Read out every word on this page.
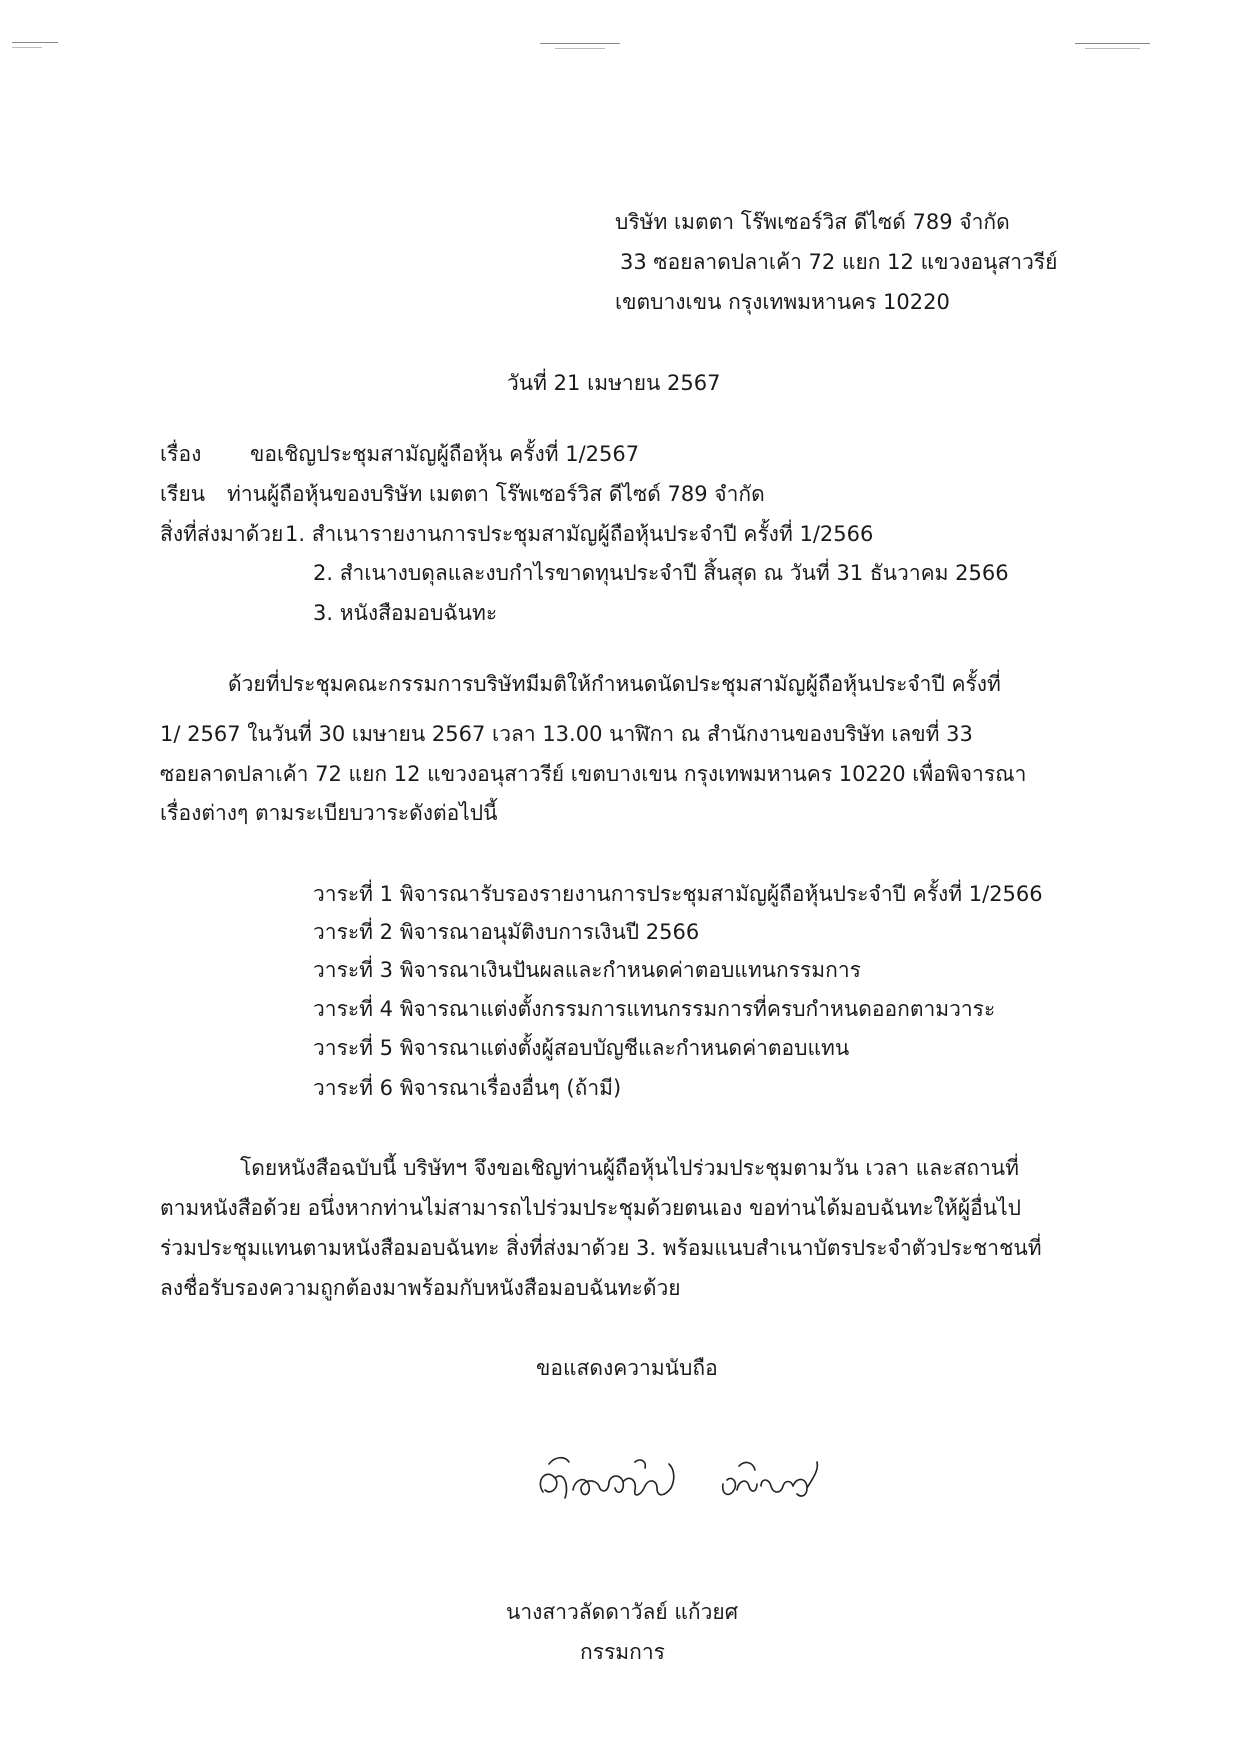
บริษัท เมตตา โร๊พเซอร์วิส ดีไซด์ 789 จำกัด
33 ซอยลาดปลาเค้า 72 แยก 12 แขวงอนุสาวรีย์
เขตบางเขน กรุงเทพมหานคร 10220
วันที่ 21 เมษายน 2567
เรื่อง ขอเชิญประชุมสามัญผู้ถือหุ้น ครั้งที่ 1/2567
เรียน ท่านผู้ถือหุ้นของบริษัท เมตตา โร๊พเซอร์วิส ดีไซด์ 789 จำกัด
สิ่งที่ส่งมาด้วย 1. สำเนารายงานการประชุมสามัญผู้ถือหุ้นประจำปี ครั้งที่ 1/2566
2. สำเนางบดุลและงบกำไรขาดทุนประจำปี สิ้นสุด ณ วันที่ 31 ธันวาคม 2566
3. หนังสือมอบฉันทะ
ด้วยที่ประชุมคณะกรรมการบริษัทมีมติให้กำหนดนัดประชุมสามัญผู้ถือหุ้นประจำปี ครั้งที่
1/ 2567 ในวันที่ 30 เมษายน 2567 เวลา 13.00 นาฬิกา ณ สำนักงานของบริษัท เลขที่ 33
ซอยลาดปลาเค้า 72 แยก 12 แขวงอนุสาวรีย์ เขตบางเขน กรุงเทพมหานคร 10220 เพื่อพิจารณา
เรื่องต่างๆ ตามระเบียบวาระดังต่อไปนี้
วาระที่ 1 พิจารณารับรองรายงานการประชุมสามัญผู้ถือหุ้นประจำปี ครั้งที่ 1/2566
วาระที่ 2 พิจารณาอนุมัติงบการเงินปี 2566
วาระที่ 3 พิจารณาเงินปันผลและกำหนดค่าตอบแทนกรรมการ
วาระที่ 4 พิจารณาแต่งตั้งกรรมการแทนกรรมการที่ครบกำหนดออกตามวาระ
วาระที่ 5 พิจารณาแต่งตั้งผู้สอบบัญชีและกำหนดค่าตอบแทน
วาระที่ 6 พิจารณาเรื่องอื่นๆ (ถ้ามี)
โดยหนังสือฉบับนี้ บริษัทฯ จึงขอเชิญท่านผู้ถือหุ้นไปร่วมประชุมตามวัน เวลา และสถานที่
ตามหนังสือด้วย อนึ่งหากท่านไม่สามารถไปร่วมประชุมด้วยตนเอง ขอท่านได้มอบฉันทะให้ผู้อื่นไป
ร่วมประชุมแทนตามหนังสือมอบฉันทะ สิ่งที่ส่งมาด้วย 3. พร้อมแนบสำเนาบัตรประจำตัวประชาชนที่
ลงชื่อรับรองความถูกต้องมาพร้อมกับหนังสือมอบฉันทะด้วย
ขอแสดงความนับถือ
นางสาวลัดดาวัลย์ แก้วยศ
กรรมการ
